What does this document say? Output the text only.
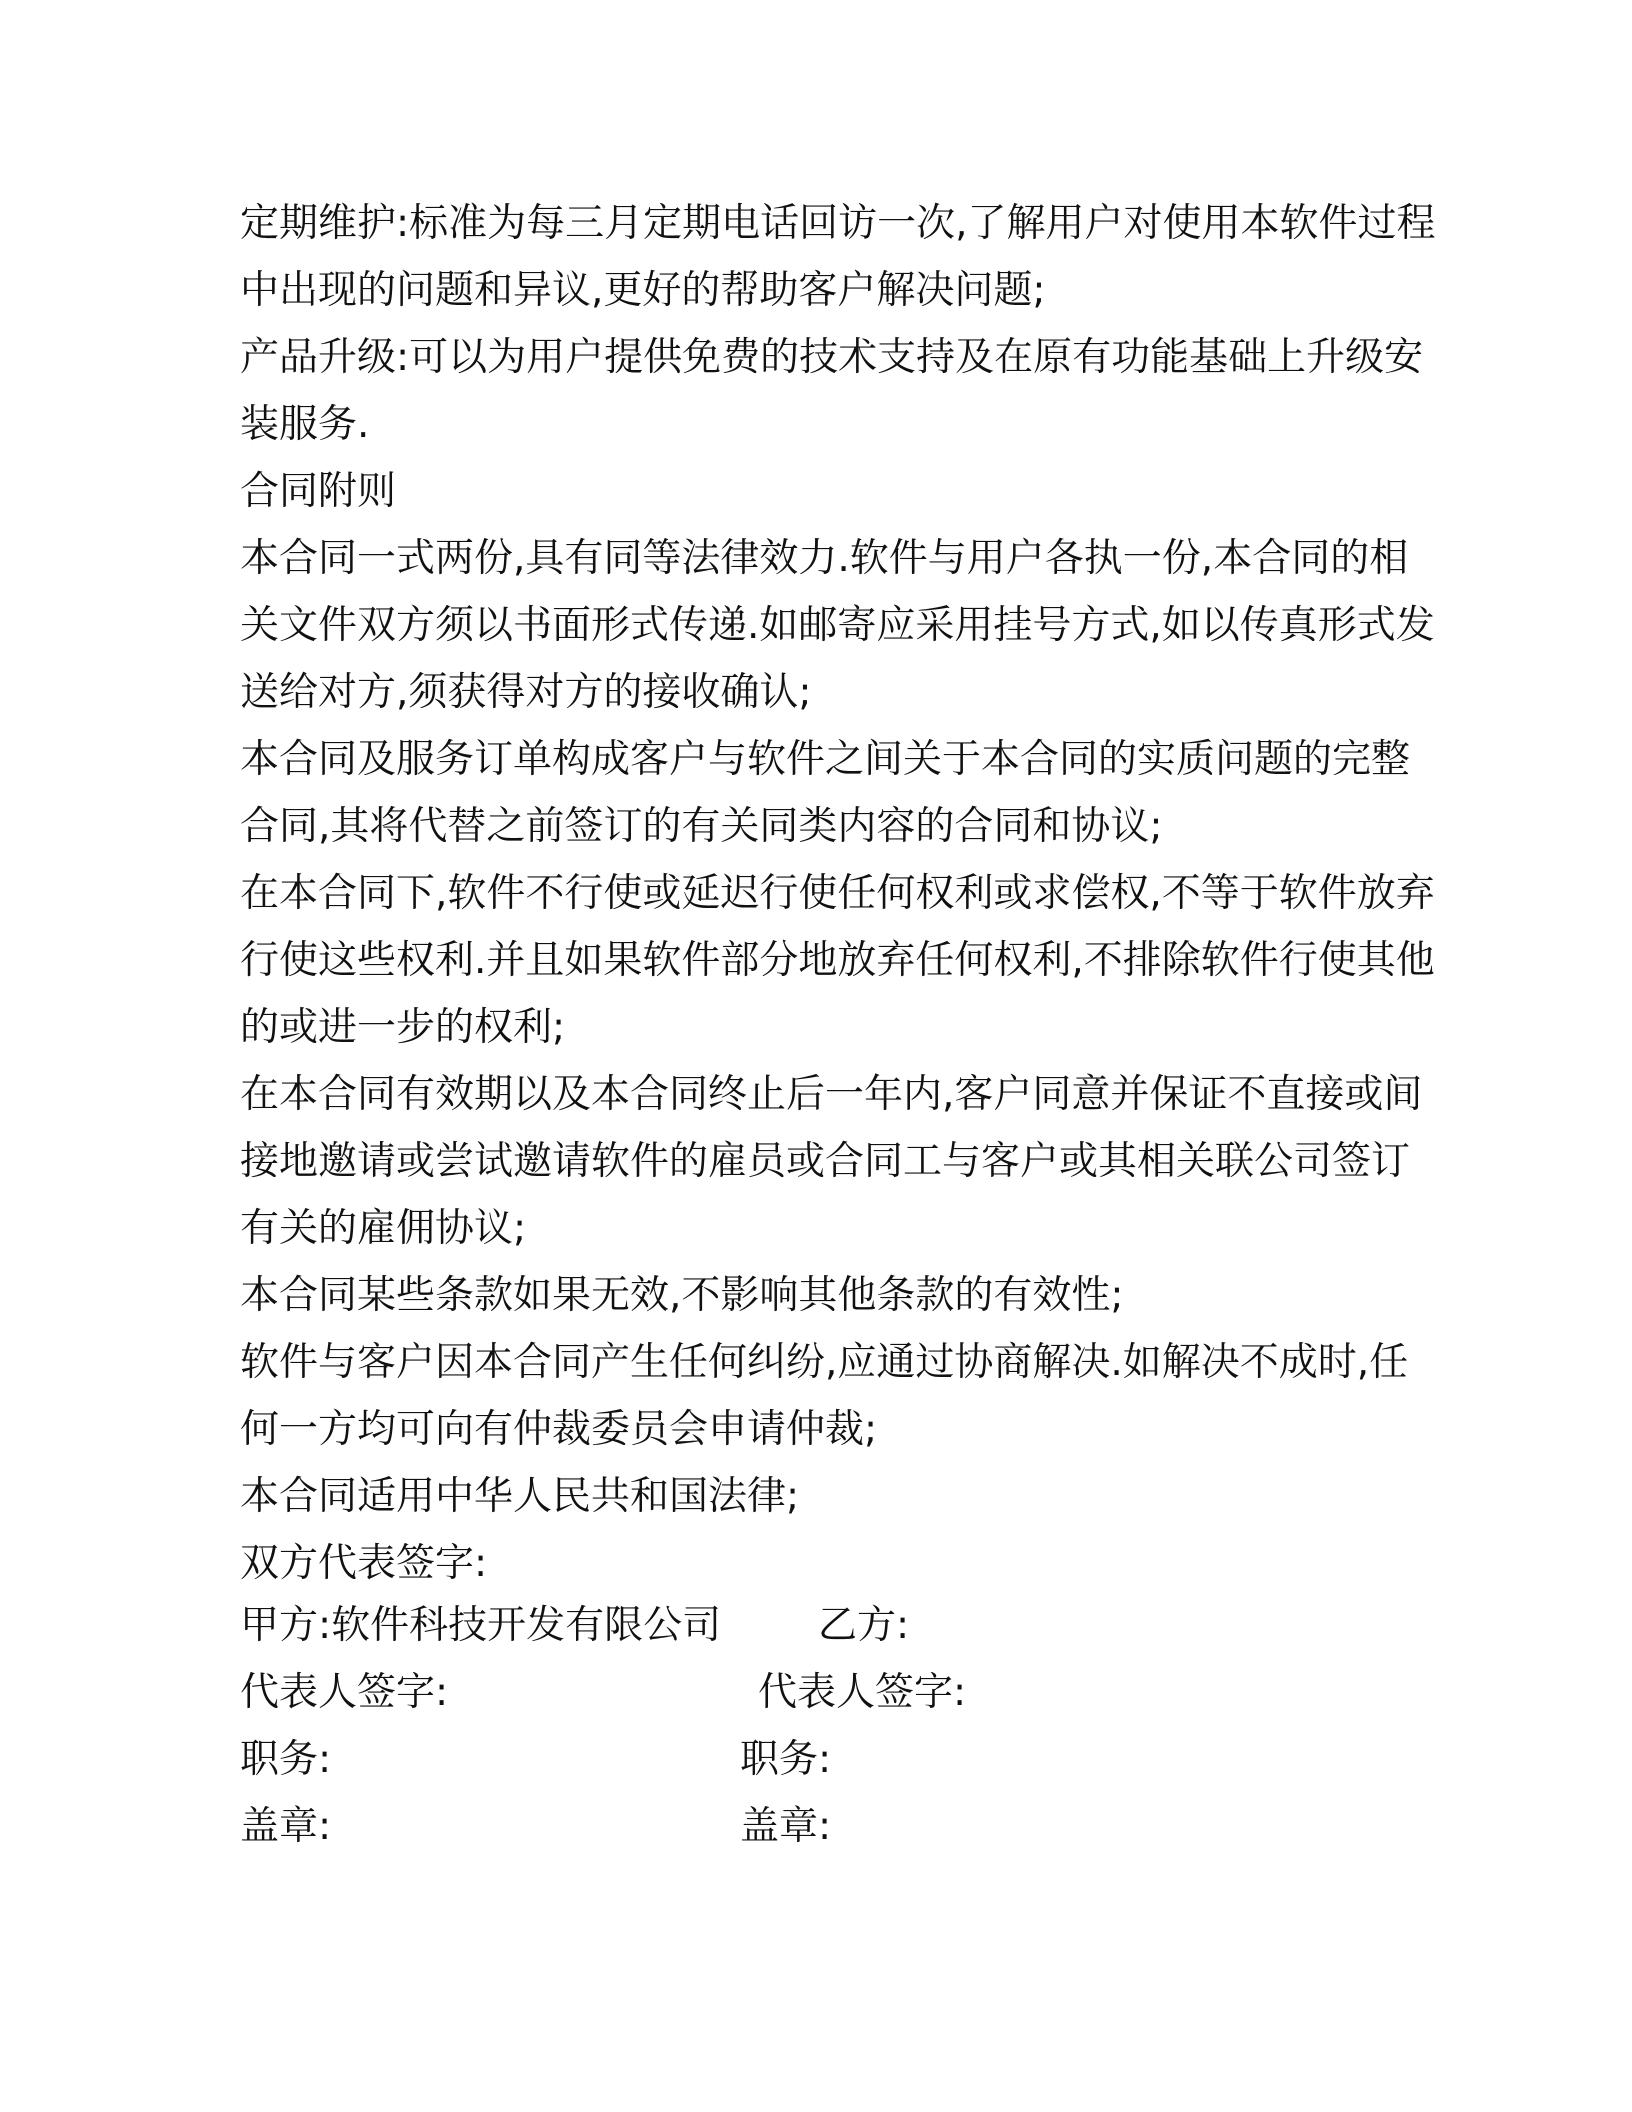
定期维护:标准为每三月定期电话回访一次,了解用户对使用本软件过程
中出现的问题和异议,更好的帮助客户解决问题;
产品升级:可以为用户提供免费的技术支持及在原有功能基础上升级安
装服务.
合同附则
本合同一式两份,具有同等法律效力.软件与用户各执一份,本合同的相
关文件双方须以书面形式传递.如邮寄应采用挂号方式,如以传真形式发
送给对方,须获得对方的接收确认;
本合同及服务订单构成客户与软件之间关于本合同的实质问题的完整
合同,其将代替之前签订的有关同类内容的合同和协议;
在本合同下,软件不行使或延迟行使任何权利或求偿权,不等于软件放弃
行使这些权利.并且如果软件部分地放弃任何权利,不排除软件行使其他
的或进一步的权利;
在本合同有效期以及本合同终止后一年内,客户同意并保证不直接或间
接地邀请或尝试邀请软件的雇员或合同工与客户或其相关联公司签订
有关的雇佣协议;
本合同某些条款如果无效,不影响其他条款的有效性;
软件与客户因本合同产生任何纠纷,应通过协商解决.如解决不成时,任
何一方均可向有仲裁委员会申请仲裁;
本合同适用中华人民共和国法律;
双方代表签字:
甲方:软件科技开发有限公司 乙方:
代表人签字:	代表人签字:
职务:	职务:
盖章:	盖章:
